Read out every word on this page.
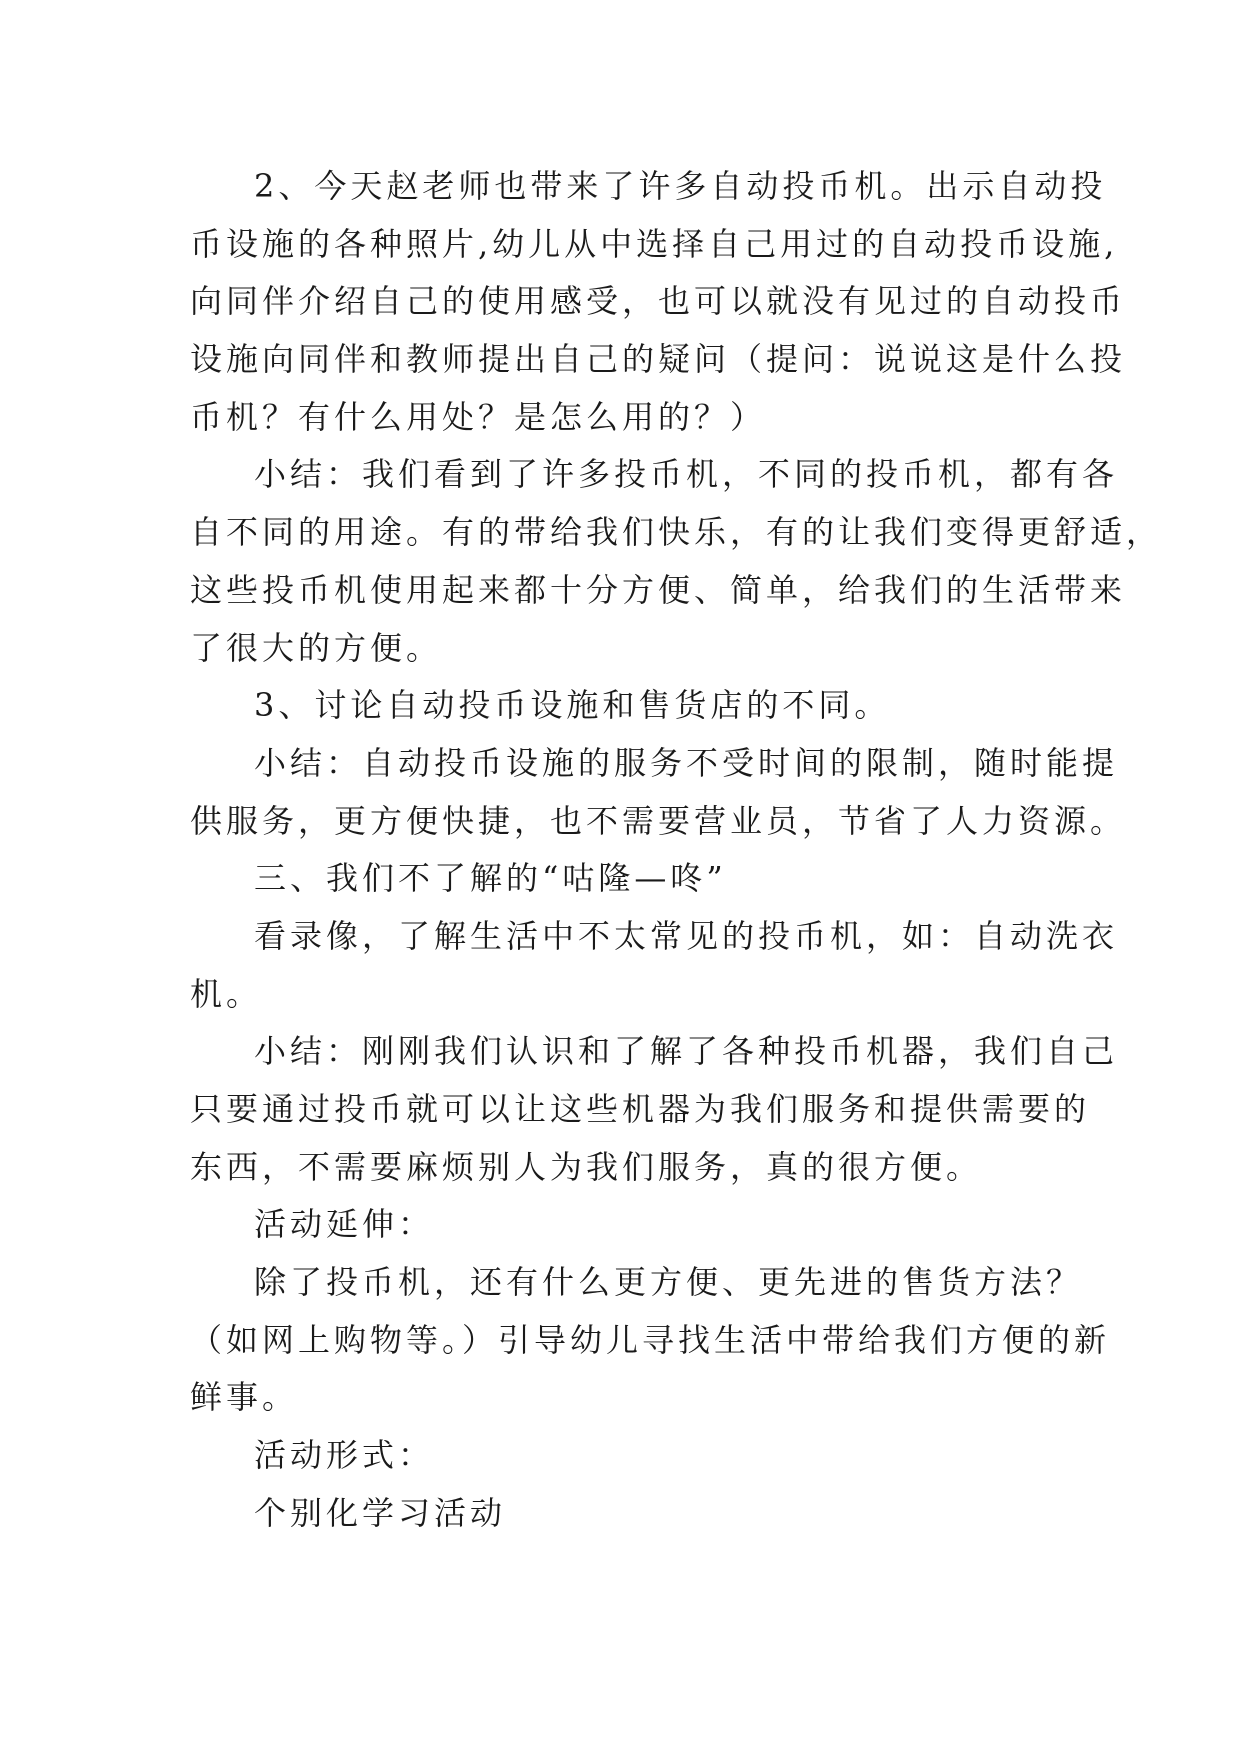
2、今天赵老师也带来了许多自动投币机。出示自动投
币设施的各种照片,幼儿从中选择自己用过的自动投币设施,
向同伴介绍自己的使用感受，也可以就没有见过的自动投币
设施向同伴和教师提出自己的疑问（提问：说说这是什么投
币机？有什么用处？是怎么用的？）
小结：我们看到了许多投币机，不同的投币机，都有各
自不同的用途。有的带给我们快乐，有的让我们变得更舒适，
这些投币机使用起来都十分方便、简单，给我们的生活带来
了很大的方便。
3、讨论自动投币设施和售货店的不同。
小结：自动投币设施的服务不受时间的限制，随时能提
供服务，更方便快捷，也不需要营业员，节省了人力资源。
三、我们不了解的“咕隆—咚”
看录像，了解生活中不太常见的投币机，如：自动洗衣
机。
小结：刚刚我们认识和了解了各种投币机器，我们自己
只要通过投币就可以让这些机器为我们服务和提供需要的
东西，不需要麻烦别人为我们服务，真的很方便。
活动延伸：
除了投币机，还有什么更方便、更先进的售货方法？
（如网上购物等。）引导幼儿寻找生活中带给我们方便的新
鲜事。
活动形式：
个别化学习活动
